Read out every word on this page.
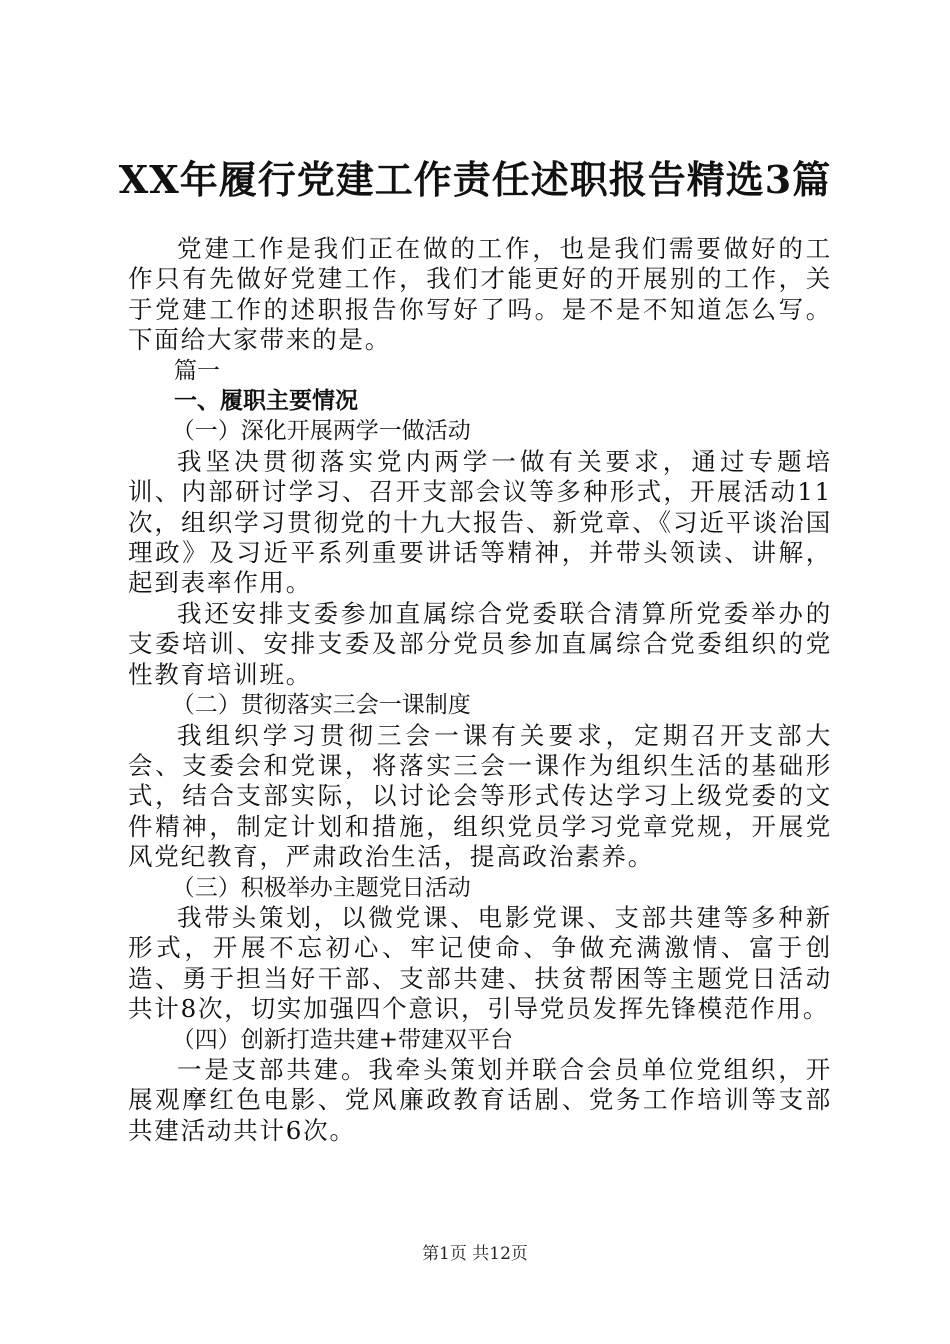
XX年履行党建工作责任述职报告精选3篇

党建工作是我们正在做的工作，也是我们需要做好的工作只有先做好党建工作，我们才能更好的开展别的工作，关于党建工作的述职报告你写好了吗。是不是不知道怎么写。下面给大家带来的是。

篇一

一、履职主要情况

（一）深化开展两学一做活动

我坚决贯彻落实党内两学一做有关要求，通过专题培训、内部研讨学习、召开支部会议等多种形式，开展活动11次，组织学习贯彻党的十九大报告、新党章、《习近平谈治国理政》及习近平系列重要讲话等精神，并带头领读、讲解，起到表率作用。

我还安排支委参加直属综合党委联合清算所党委举办的支委培训、安排支委及部分党员参加直属综合党委组织的党性教育培训班。

（二）贯彻落实三会一课制度

我组织学习贯彻三会一课有关要求，定期召开支部大会、支委会和党课，将落实三会一课作为组织生活的基础形式，结合支部实际，以讨论会等形式传达学习上级党委的文件精神，制定计划和措施，组织党员学习党章党规，开展党风党纪教育，严肃政治生活，提高政治素养。

（三）积极举办主题党日活动

我带头策划，以微党课、电影党课、支部共建等多种新形式，开展不忘初心、牢记使命、争做充满激情、富于创造、勇于担当好干部、支部共建、扶贫帮困等主题党日活动共计8次，切实加强四个意识，引导党员发挥先锋模范作用。

（四）创新打造共建+带建双平台

一是支部共建。我牵头策划并联合会员单位党组织，开展观摩红色电影、党风廉政教育话剧、党务工作培训等支部共建活动共计6次。

第1页 共12页
